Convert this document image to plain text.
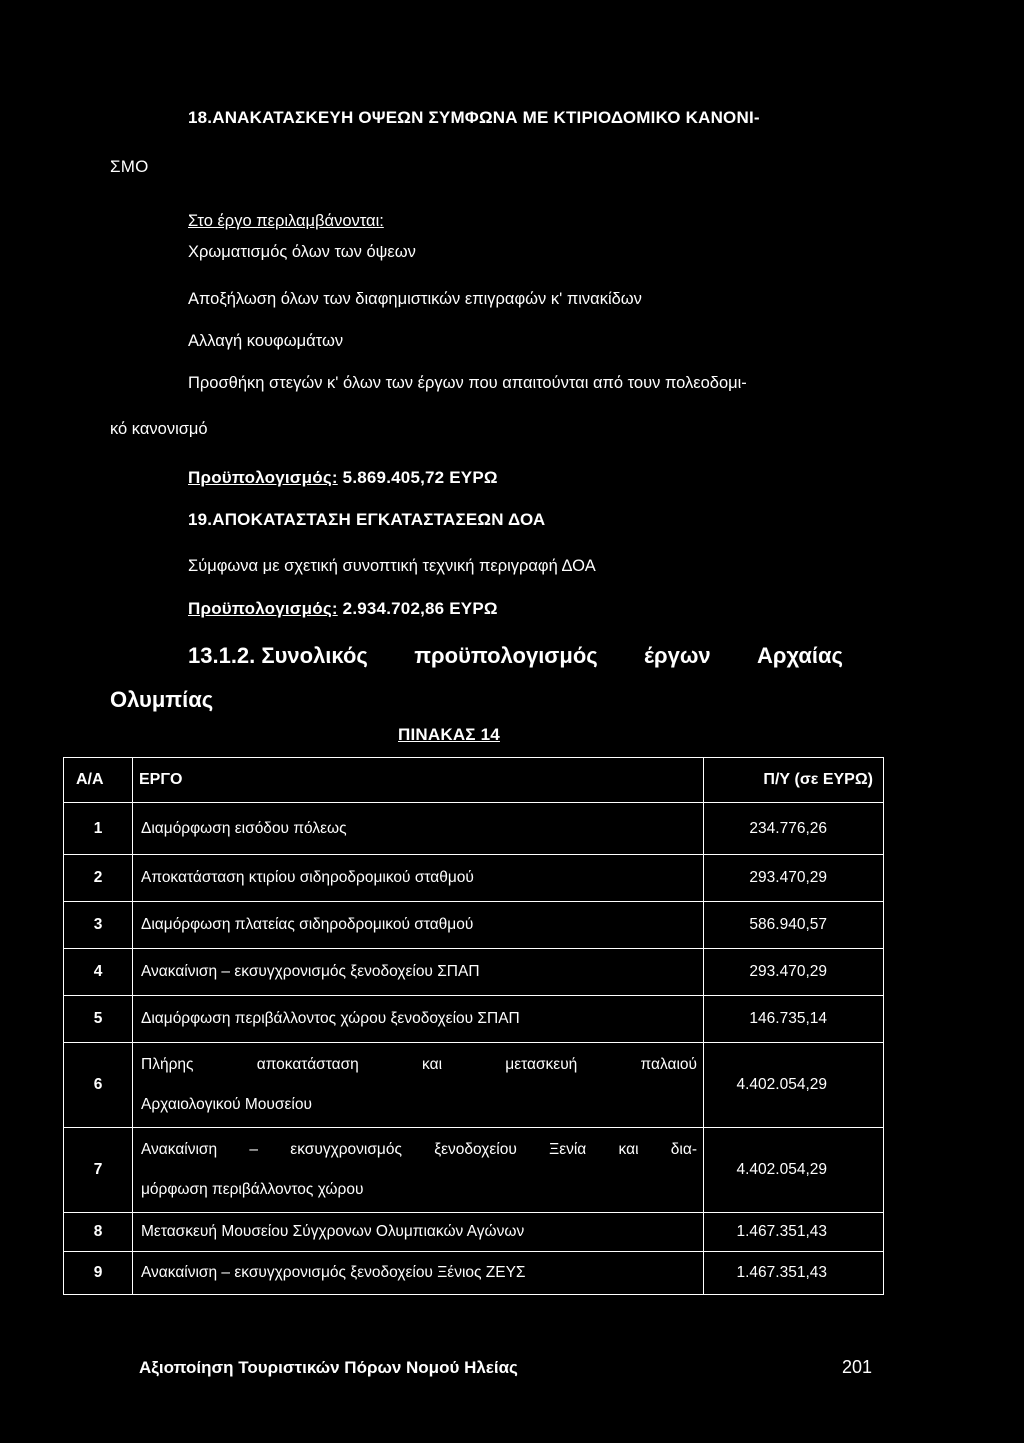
18.ΑΝΑΚΑΤΑΣΚΕΥΗ ΟΨΕΩΝ ΣΥΜΦΩΝΑ ΜΕ ΚΤΙΡΙΟΔΟΜΙΚΟ ΚΑΝΟΝΙ-
ΣΜΟ
Στο έργο περιλαμβάνονται:
Χρωματισμός όλων των όψεων
Αποξήλωση όλων των διαφημιστικών επιγραφών κ' πινακίδων
Αλλαγή κουφωμάτων
Προσθήκη στεγών κ' όλων των έργων που απαιτούνται από τουν πολεοδομι-
κό κανονισμό
Προϋπολογισμός: 5.869.405,72 ΕΥΡΩ
19.ΑΠΟΚΑΤΑΣΤΑΣΗ ΕΓΚΑΤΑΣΤΑΣΕΩΝ ΔΟΑ
Σύμφωνα με σχετική συνοπτική τεχνική περιγραφή ΔΟΑ
Προϋπολογισμός: 2.934.702,86 ΕΥΡΩ
13.1.2. Συνολικός προϋπολογισμός έργων Αρχαίας
Ολυμπίας
ΠΙΝΑΚΑΣ 14
Α/Α	ΕΡΓΟ	Π/Υ (σε ΕΥΡΩ)
1	Διαμόρφωση εισόδου πόλεως	234.776,26
2	Αποκατάσταση κτιρίου σιδηροδρομικού σταθμού	293.470,29
3	Διαμόρφωση πλατείας σιδηροδρομικού σταθμού	586.940,57
4	Ανακαίνιση – εκσυγχρονισμός ξενοδοχείου ΣΠΑΠ	293.470,29
5	Διαμόρφωση περιβάλλοντος χώρου ξενοδοχείου ΣΠΑΠ	146.735,14
6	Πλήρης αποκατάσταση και μετασκευή παλαιού
Αρχαιολογικού Μουσείου	4.402.054,29
7	Ανακαίνιση – εκσυγχρονισμός ξενοδοχείου Ξενία και δια-
μόρφωση περιβάλλοντος χώρου	4.402.054,29
8	Μετασκευή Μουσείου Σύγχρονων Ολυμπιακών Αγώνων	1.467.351,43
9	Ανακαίνιση – εκσυγχρονισμός ξενοδοχείου Ξένιος ΖΕΥΣ	1.467.351,43
Αξιοποίηση Τουριστικών Πόρων Νομού Ηλείας	201
